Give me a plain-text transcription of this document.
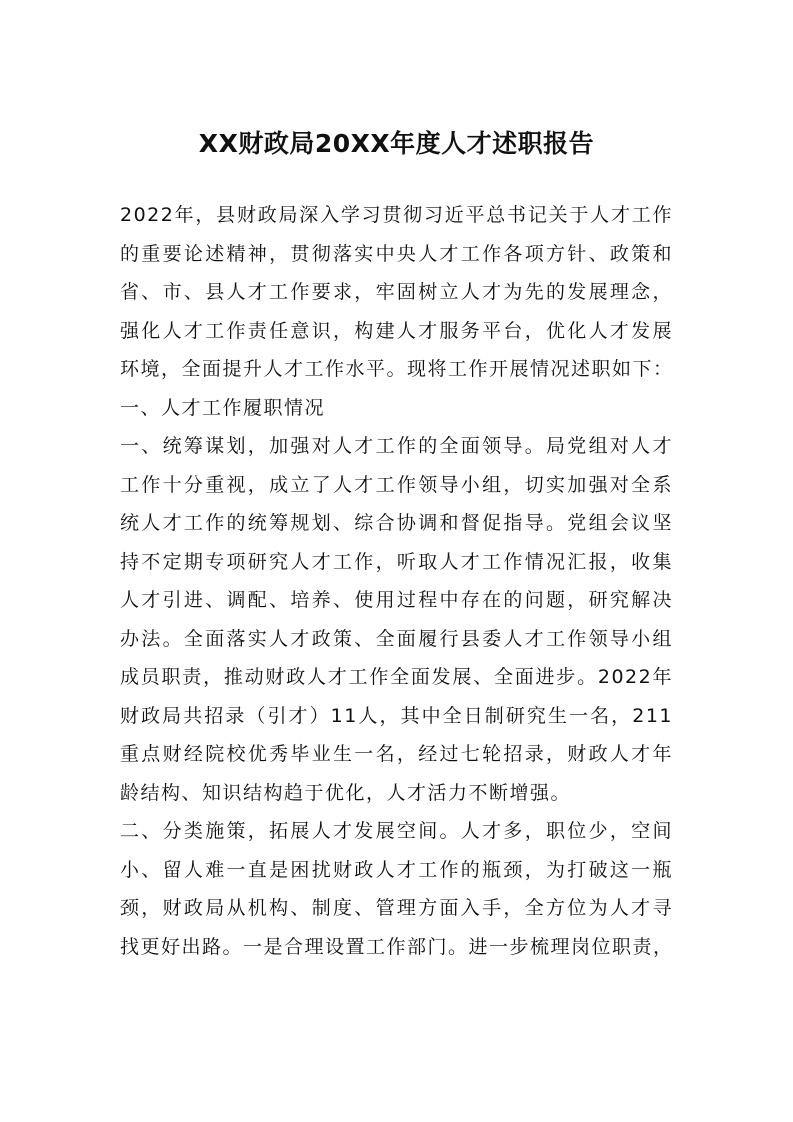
XX财政局20XX年度人才述职报告
2022年，县财政局深入学习贯彻习近平总书记关于人才工作
的重要论述精神，贯彻落实中央人才工作各项方针、政策和
省、市、县人才工作要求，牢固树立人才为先的发展理念，
强化人才工作责任意识，构建人才服务平台，优化人才发展
环境，全面提升人才工作水平。现将工作开展情况述职如下：
一、人才工作履职情况
一、统筹谋划，加强对人才工作的全面领导。局党组对人才
工作十分重视，成立了人才工作领导小组，切实加强对全系
统人才工作的统筹规划、综合协调和督促指导。党组会议坚
持不定期专项研究人才工作，听取人才工作情况汇报，收集
人才引进、调配、培养、使用过程中存在的问题，研究解决
办法。全面落实人才政策、全面履行县委人才工作领导小组
成员职责，推动财政人才工作全面发展、全面进步。2022年
财政局共招录（引才）11人，其中全日制研究生一名，211
重点财经院校优秀毕业生一名，经过七轮招录，财政人才年
龄结构、知识结构趋于优化，人才活力不断增强。
二、分类施策，拓展人才发展空间。人才多，职位少，空间
小、留人难一直是困扰财政人才工作的瓶颈，为打破这一瓶
颈，财政局从机构、制度、管理方面入手，全方位为人才寻
找更好出路。一是合理设置工作部门。进一步梳理岗位职责，
